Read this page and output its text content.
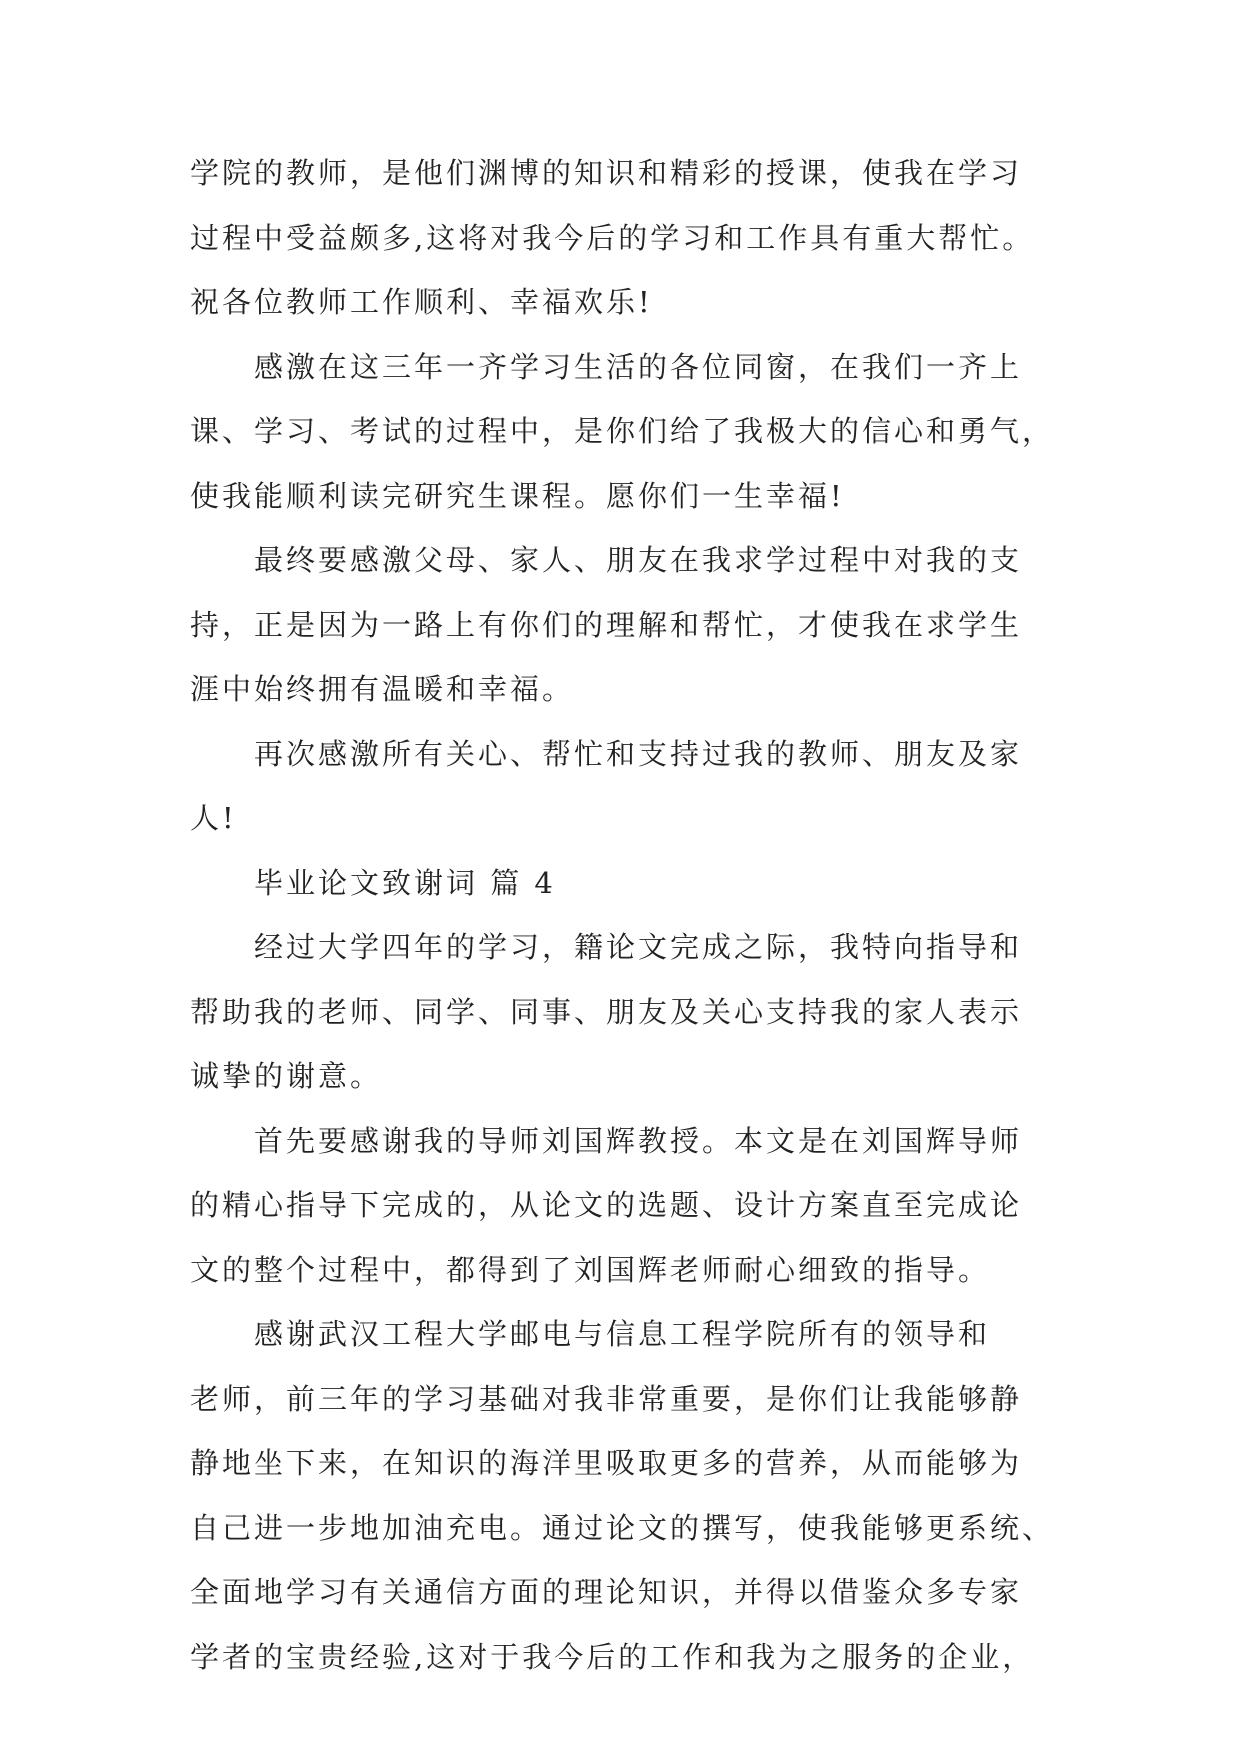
学院的教师，是他们渊博的知识和精彩的授课，使我在学习
过程中受益颇多,这将对我今后的学习和工作具有重大帮忙。
祝各位教师工作顺利、幸福欢乐!
感激在这三年一齐学习生活的各位同窗，在我们一齐上
课、学习、考试的过程中，是你们给了我极大的信心和勇气，
使我能顺利读完研究生课程。愿你们一生幸福!
最终要感激父母、家人、朋友在我求学过程中对我的支
持，正是因为一路上有你们的理解和帮忙，才使我在求学生
涯中始终拥有温暖和幸福。
再次感激所有关心、帮忙和支持过我的教师、朋友及家
人!
毕业论文致谢词 篇 4
经过大学四年的学习，籍论文完成之际，我特向指导和
帮助我的老师、同学、同事、朋友及关心支持我的家人表示
诚挚的谢意。
首先要感谢我的导师刘国辉教授。本文是在刘国辉导师
的精心指导下完成的，从论文的选题、设计方案直至完成论
文的整个过程中，都得到了刘国辉老师耐心细致的指导。
感谢武汉工程大学邮电与信息工程学院所有的领导和
老师，前三年的学习基础对我非常重要，是你们让我能够静
静地坐下来，在知识的海洋里吸取更多的营养，从而能够为
自己进一步地加油充电。通过论文的撰写，使我能够更系统、
全面地学习有关通信方面的理论知识，并得以借鉴众多专家
学者的宝贵经验,这对于我今后的工作和我为之服务的企业，
